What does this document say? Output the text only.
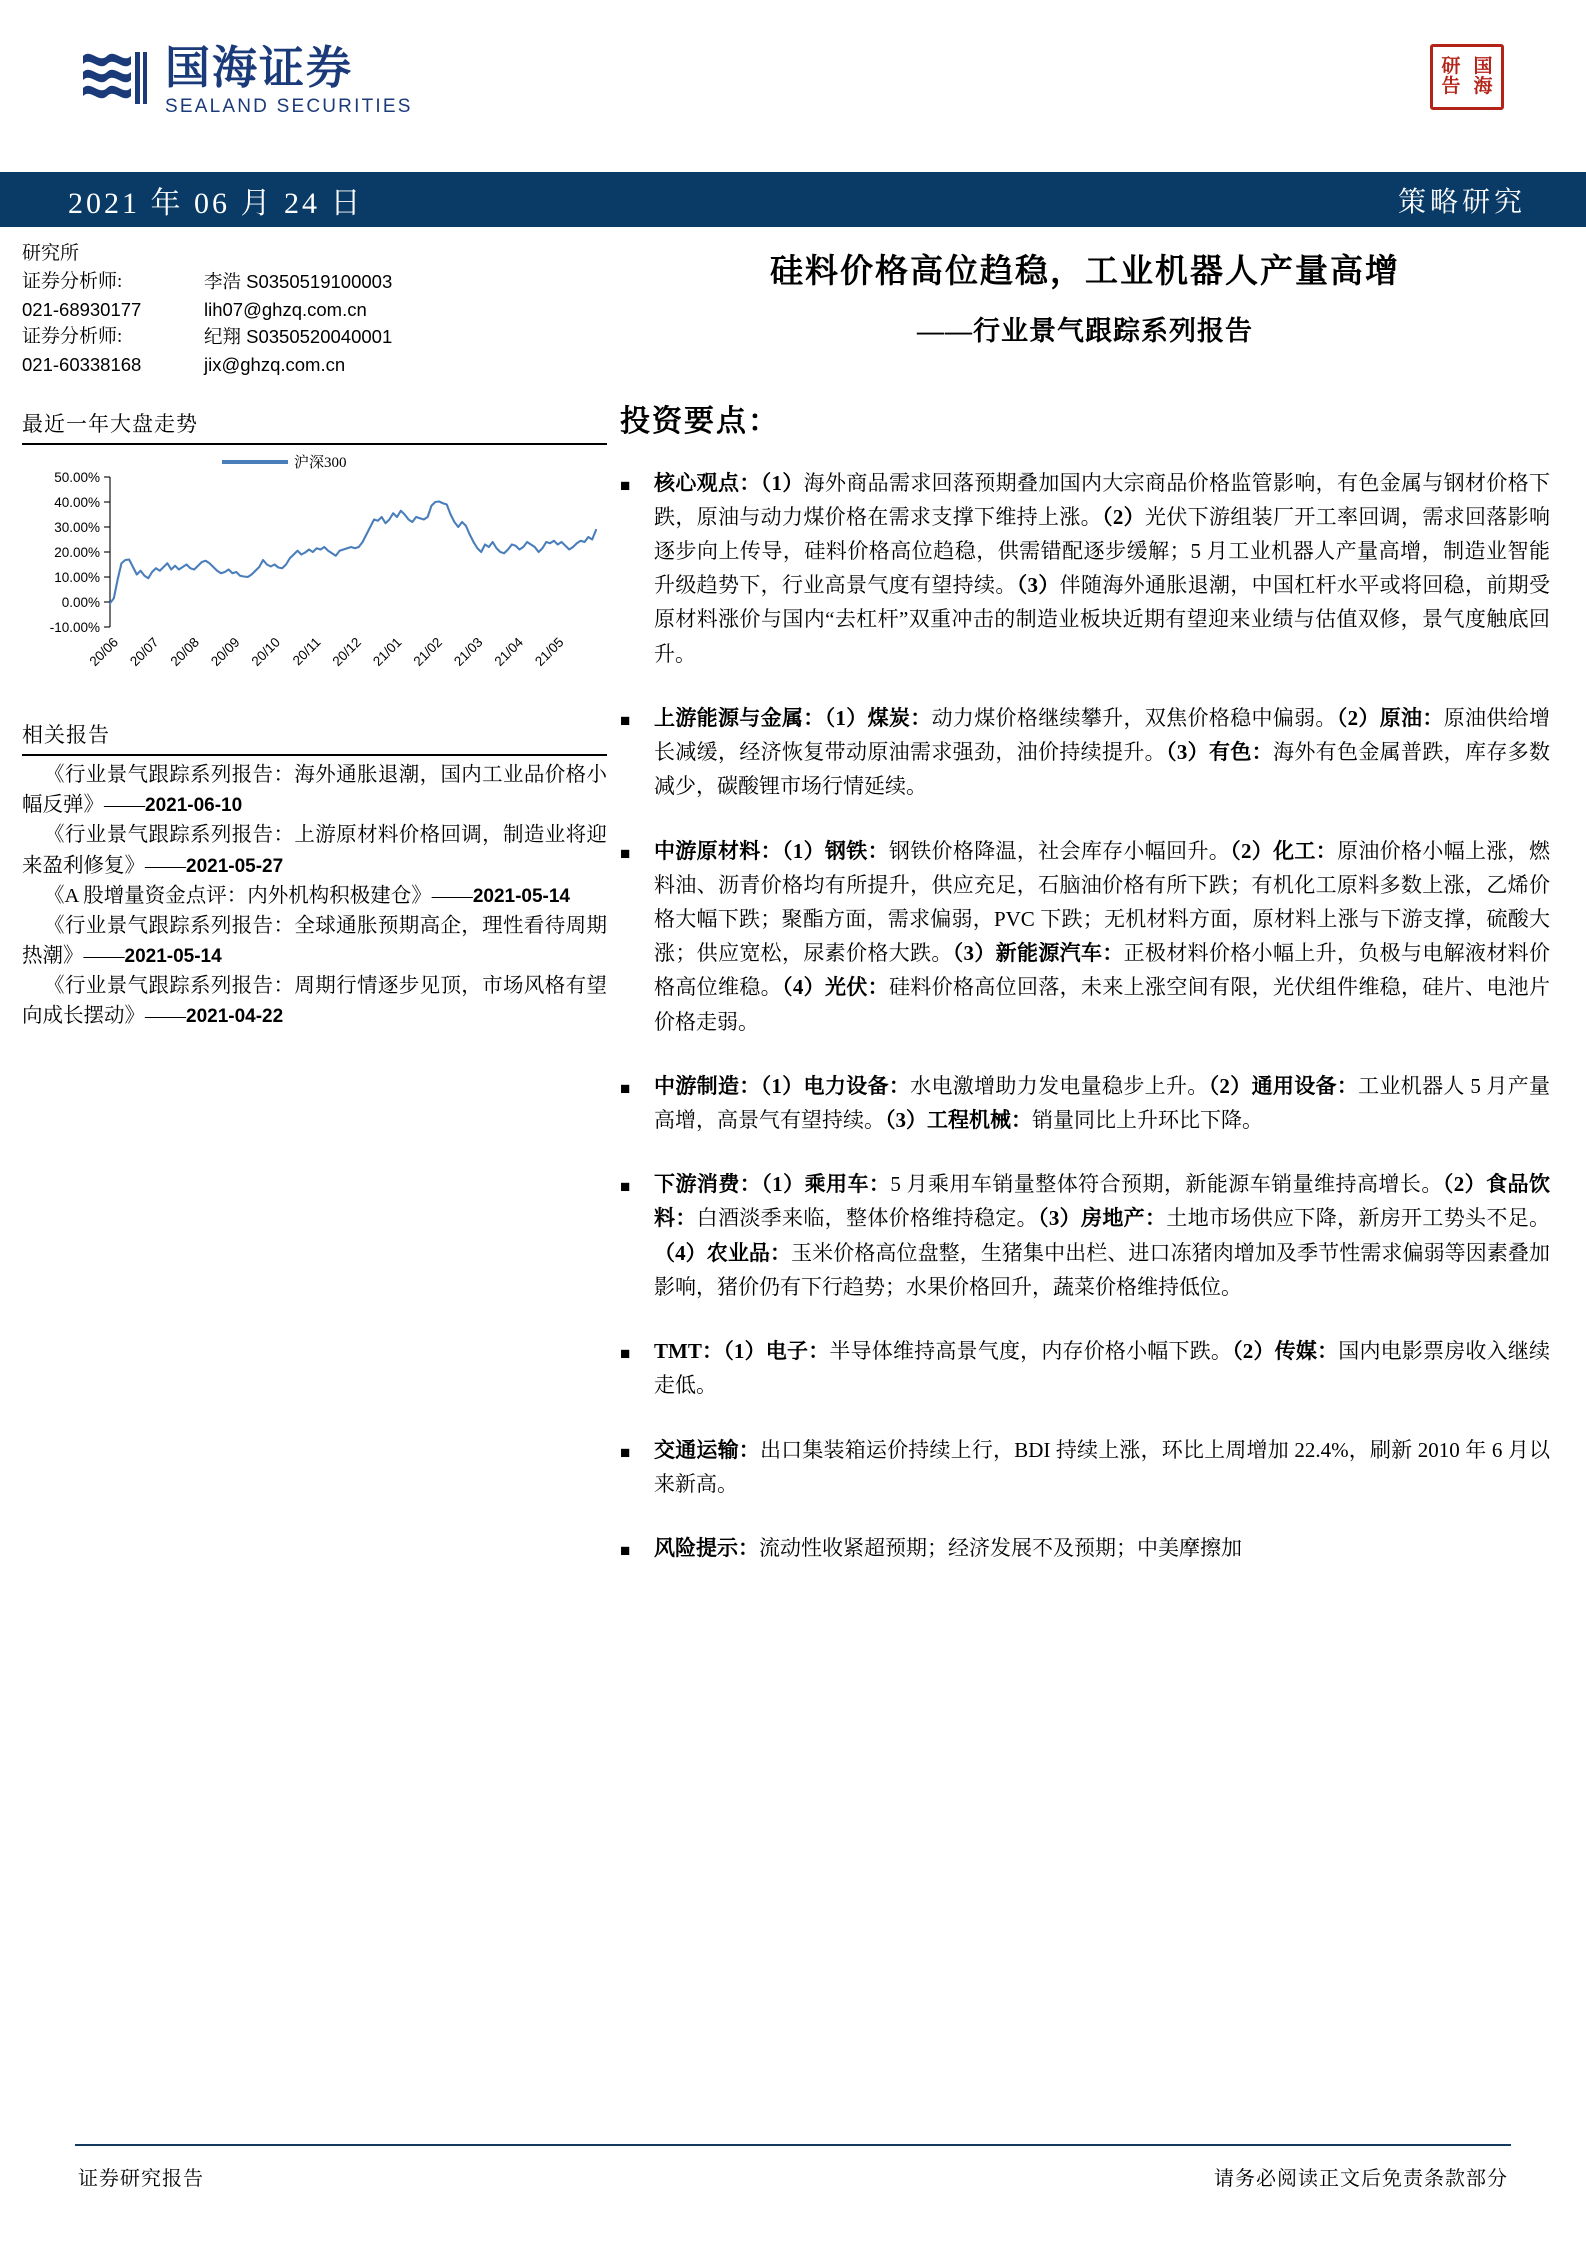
国海证券
SEALAND SECURITIES
研 国
告 海
2021 年 06 月 24 日	策略研究
研究所
证券分析师:	李浩 S0350519100003
021-68930177	lih07@ghzq.com.cn
证券分析师:	纪翔 S0350520040001
021-60338168	jix@ghzq.com.cn
最近一年大盘走势
沪深300
50.00%
40.00%
30.00%
20.00%
10.00%
0.00%
-10.00%
20/06 20/07 20/08 20/09 20/10 20/11 20/12 21/01 21/02 21/03 21/04 21/05
相关报告
《行业景气跟踪系列报告：海外通胀退潮，国内工业品价格小幅反弹》——2021-06-10
《行业景气跟踪系列报告：上游原材料价格回调，制造业将迎来盈利修复》——2021-05-27
《A 股增量资金点评：内外机构积极建仓》——2021-05-14
《行业景气跟踪系列报告：全球通胀预期高企，理性看待周期热潮》——2021-05-14
《行业景气跟踪系列报告：周期行情逐步见顶，市场风格有望向成长摆动》——2021-04-22
硅料价格高位趋稳，工业机器人产量高增
——行业景气跟踪系列报告
投资要点：
■	核心观点：（1）海外商品需求回落预期叠加国内大宗商品价格监管影响，有色金属与钢材价格下跌，原油与动力煤价格在需求支撑下维持上涨。（2）光伏下游组装厂开工率回调，需求回落影响逐步向上传导，硅料价格高位趋稳，供需错配逐步缓解；5 月工业机器人产量高增，制造业智能升级趋势下，行业高景气度有望持续。（3）伴随海外通胀退潮，中国杠杆水平或将回稳，前期受原材料涨价与国内“去杠杆”双重冲击的制造业板块近期有望迎来业绩与估值双修，景气度触底回升。
■	上游能源与金属：（1）煤炭：动力煤价格继续攀升，双焦价格稳中偏弱。（2）原油：原油供给增长减缓，经济恢复带动原油需求强劲，油价持续提升。（3）有色：海外有色金属普跌，库存多数减少，碳酸锂市场行情延续。
■	中游原材料：（1）钢铁：钢铁价格降温，社会库存小幅回升。（2）化工：原油价格小幅上涨，燃料油、沥青价格均有所提升，供应充足，石脑油价格有所下跌；有机化工原料多数上涨，乙烯价格大幅下跌；聚酯方面，需求偏弱，PVC 下跌；无机材料方面，原材料上涨与下游支撑，硫酸大涨；供应宽松，尿素价格大跌。（3）新能源汽车：正极材料价格小幅上升，负极与电解液材料价格高位维稳。（4）光伏：硅料价格高位回落，未来上涨空间有限，光伏组件维稳，硅片、电池片价格走弱。
■	中游制造：（1）电力设备：水电激增助力发电量稳步上升。（2）通用设备：工业机器人 5 月产量高增，高景气有望持续。（3）工程机械：销量同比上升环比下降。
■	下游消费：（1）乘用车：5 月乘用车销量整体符合预期，新能源车销量维持高增长。（2）食品饮料：白酒淡季来临，整体价格维持稳定。（3）房地产：土地市场供应下降，新房开工势头不足。（4）农业品：玉米价格高位盘整，生猪集中出栏、进口冻猪肉增加及季节性需求偏弱等因素叠加影响，猪价仍有下行趋势；水果价格回升，蔬菜价格维持低位。
■	TMT：（1）电子：半导体维持高景气度，内存价格小幅下跌。（2）传媒：国内电影票房收入继续走低。
■	交通运输：出口集装箱运价持续上行，BDI 持续上涨，环比上周增加 22.4%，刷新 2010 年 6 月以来新高。
■	风险提示：流动性收紧超预期；经济发展不及预期；中美摩擦加
证券研究报告	请务必阅读正文后免责条款部分
